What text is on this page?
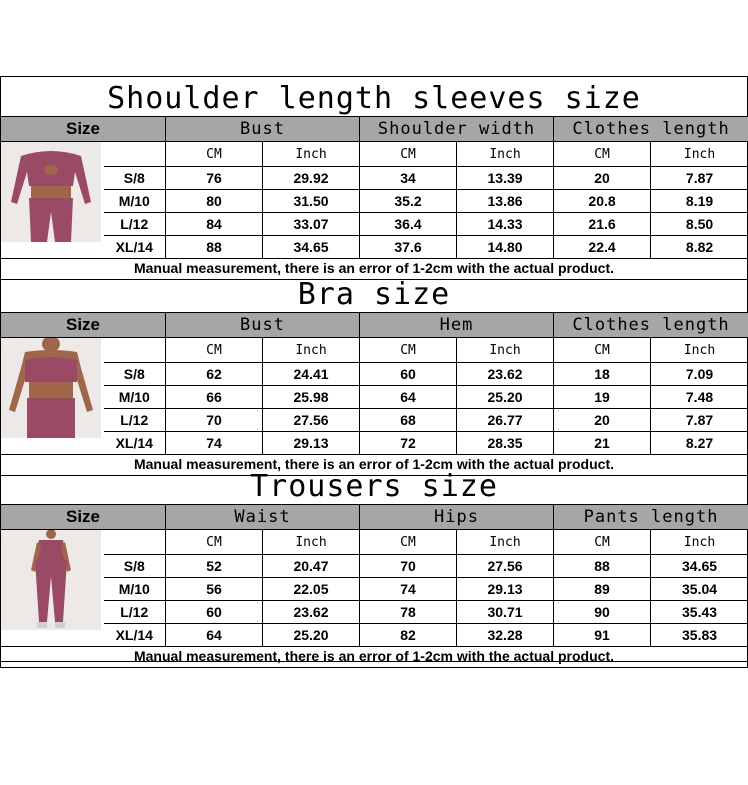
Shoulder length sleeves size
Size		Bust		Shoulder width		Clothes length	

		CM	Inch	CM	Inch	CM	Inch
	S/8	76	29.92	34	13.39	20	7.87
	M/10	80	31.50	35.2	13.86	20.8	8.19
	L/12	84	33.07	36.4	14.33	21.6	8.50
	XL/14	88	34.65	37.6	14.80	22.4	8.82
Manual measurement, there is an error of 1-2cm with the actual product.
Bra size
Size		Bust		Hem		Clothes length	

		CM	Inch	CM	Inch	CM	Inch
	S/8	62	24.41	60	23.62	18	7.09
	M/10	66	25.98	64	25.20	19	7.48
	L/12	70	27.56	68	26.77	20	7.87
	XL/14	74	29.13	72	28.35	21	8.27
Manual measurement, there is an error of 1-2cm with the actual product.
Trousers size
Size		Waist		Hips		Pants length	

		CM	Inch	CM	Inch	CM	Inch
	S/8	52	20.47	70	27.56	88	34.65
	M/10	56	22.05	74	29.13	89	35.04
	L/12	60	23.62	78	30.71	90	35.43
	XL/14	64	25.20	82	32.28	91	35.83
Manual measurement, there is an error of 1-2cm with the actual product.
